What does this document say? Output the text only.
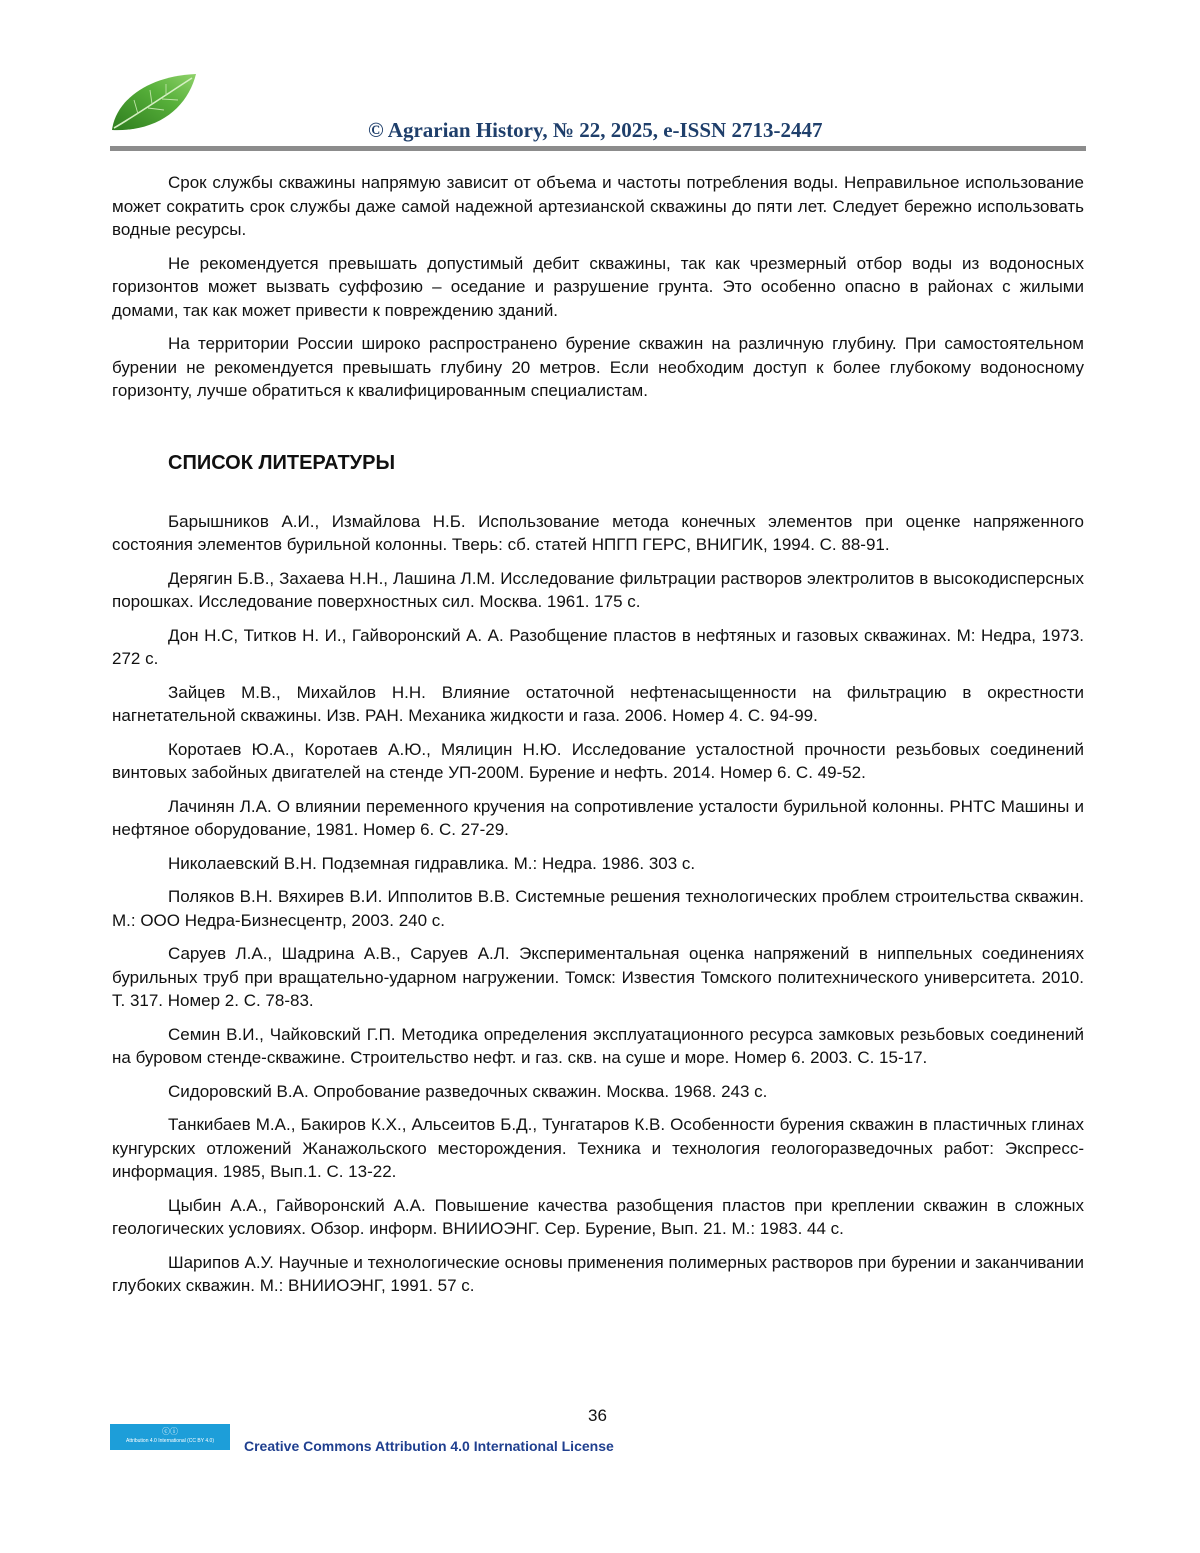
© Agrarian History, № 22, 2025, e-ISSN 2713-2447

Срок службы скважины напрямую зависит от объема и частоты потребления воды. Неправильное использование может сократить срок службы даже самой надежной артезианской скважины до пяти лет. Следует бережно использовать водные ресурсы.

Не рекомендуется превышать допустимый дебит скважины, так как чрезмерный отбор воды из водоносных горизонтов может вызвать суффозию – оседание и разрушение грунта. Это особенно опасно в районах с жилыми домами, так как может привести к повреждению зданий.

На территории России широко распространено бурение скважин на различную глубину. При самостоятельном бурении не рекомендуется превышать глубину 20 метров. Если необходим доступ к более глубокому водоносному горизонту, лучше обратиться к квалифицированным специалистам.

СПИСОК ЛИТЕРАТУРЫ

Барышников А.И., Измайлова Н.Б. Использование метода конечных элементов при оценке напряженного состояния элементов бурильной колонны. Тверь: сб. статей НПГП ГЕРС, ВНИГИК, 1994. С. 88-91.

Дерягин Б.В., Захаева Н.Н., Лашина Л.М. Исследование фильтрации растворов электролитов в высокодисперсных порошках. Исследование поверхностных сил. Москва. 1961. 175 с.

Дон Н.С, Титков Н. И., Гайворонский А. А. Разобщение пластов в нефтяных и газовых скважинах. М: Недра, 1973. 272 с.

Зайцев М.В., Михайлов Н.Н. Влияние остаточной нефтенасыщенности на фильтрацию в окрестности нагнетательной скважины. Изв. РАН. Механика жидкости и газа. 2006. Номер 4. С. 94-99.

Коротаев Ю.А., Коротаев А.Ю., Мялицин Н.Ю. Исследование усталостной прочности резьбовых соединений винтовых забойных двигателей на стенде УП-200М. Бурение и нефть. 2014. Номер 6. С. 49-52.

Лачинян Л.А. О влиянии переменного кручения на сопротивление усталости бурильной колонны. РНТС Машины и нефтяное оборудование, 1981. Номер 6. С. 27-29.

Николаевский В.Н. Подземная гидравлика. М.: Недра. 1986. 303 с.

Поляков В.Н. Вяхирев В.И. Ипполитов В.В. Системные решения технологических проблем строительства скважин. М.: ООО Недра-Бизнесцентр, 2003. 240 с.

Саруев Л.А., Шадрина А.В., Саруев А.Л. Экспериментальная оценка напряжений в ниппельных соединениях бурильных труб при вращательно-ударном нагружении. Томск: Известия Томского политехнического университета. 2010. Т. 317. Номер 2. С. 78-83.

Семин В.И., Чайковский Г.П. Методика определения эксплуатационного ресурса замковых резьбовых соединений на буровом стенде-скважине. Строительство нефт. и газ. скв. на суше и море. Номер 6. 2003. С. 15-17.

Сидоровский В.А. Опробование разведочных скважин. Москва. 1968. 243 с.

Танкибаев М.А., Бакиров К.Х., Альсеитов Б.Д., Тунгатаров К.В. Особенности бурения скважин в пластичных глинах кунгурских отложений Жанажольского месторождения. Техника и технология геологоразведочных работ: Экспресс-информация. 1985, Вып.1. С. 13-22.

Цыбин А.А., Гайворонский А.А. Повышение качества разобщения пластов при креплении скважин в сложных геологических условиях. Обзор. информ. ВНИИОЭНГ. Сер. Бурение, Вып. 21. М.: 1983. 44 с.

Шарипов А.У. Научные и технологические основы применения полимерных растворов при бурении и заканчивании глубоких скважин. М.: ВНИИОЭНГ, 1991. 57 с.

36

ⓒⓘ
Attribution 4.0 International (CC BY 4.0)	Creative Commons Attribution 4.0 International License
